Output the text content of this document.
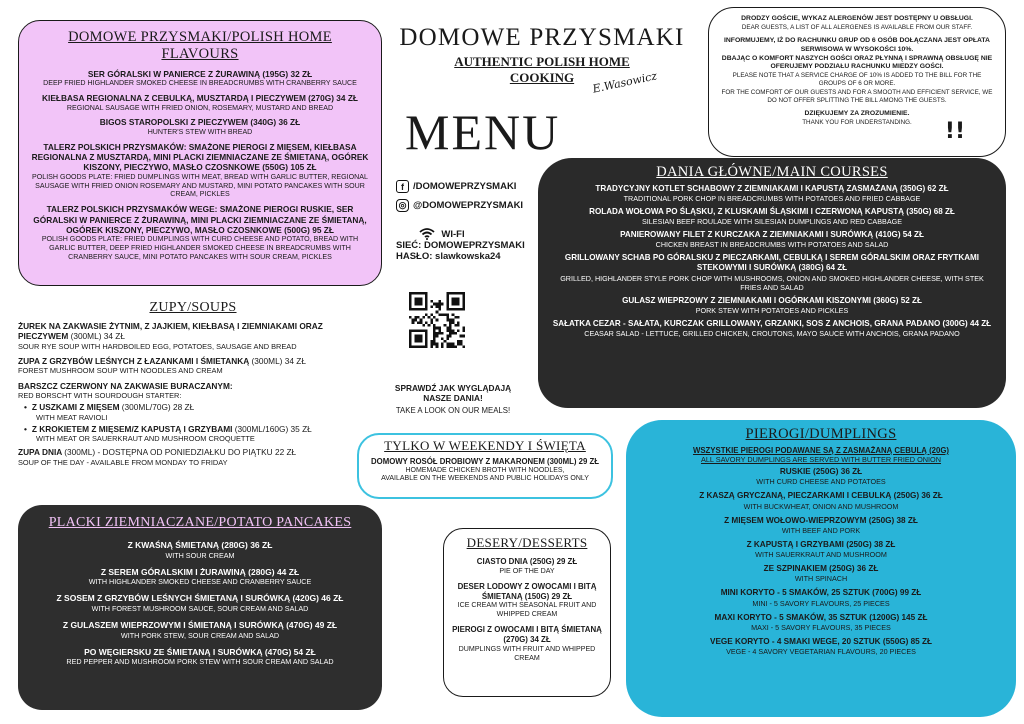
DOMOWE PRZYSMAKI/POLISH HOME FLAVOURS
SER GÓRALSKI W PANIERCE Z ŻURAWINĄ (195G) 32 ZŁ
DEEP FRIED HIGHLANDER SMOKED CHEESE IN BREADCRUMBS WITH CRANBERRY SAUCE
KIEŁBASA REGIONALNA Z CEBULKĄ, MUSZTARDĄ I PIECZYWEM (270G) 34 ZŁ
REGIONAL SAUSAGE WITH FRIED ONION, ROSEMARY, MUSTARD AND BREAD
BIGOS STAROPOLSKI Z PIECZYWEM (340G) 36 ZŁ
HUNTER'S STEW WITH BREAD
TALERZ POLSKICH PRZYSMAKÓW: SMAŻONE PIEROGI Z MIĘSEM, KIEŁBASA REGIONALNA Z MUSZTARDĄ, MINI PLACKI ZIEMNIACZANE ZE ŚMIETANĄ, OGÓREK KISZONY, PIECZYWO, MASŁO CZOSNKOWE (550G) 105 ZŁ
POLISH GOODS PLATE: FRIED DUMPLINGS WITH MEAT, BREAD WITH GARLIC BUTTER, REGIONAL SAUSAGE WITH FRIED ONION ROSEMARY AND MUSTARD, MINI POTATO PANCAKES WITH SOUR CREAM, PICKLES
TALERZ POLSKICH PRZYSMAKÓW WEGE: SMAŻONE PIEROGI RUSKIE, SER GÓRALSKI W PANIERCE Z ŻURAWINĄ, MINI PLACKI ZIEMNIACZANE ZE ŚMIETANĄ, OGÓREK KISZONY, PIECZYWO, MASŁO CZOSNKOWE (500G) 95 ZŁ
POLISH GOODS PLATE: FRIED DUMPLINGS WITH CURD CHEESE AND POTATO, BREAD WITH GARLIC BUTTER, DEEP FRIED HIGHLANDER SMOKED CHEESE IN BREADCRUMBS WITH CRANBERRY SAUCE, MINI POTATO PANCAKES WITH SOUR CREAM, PICKLES
DOMOWE PRZYSMAKI
AUTHENTIC POLISH HOME COOKING	E.Wasowicz
MENU

DRODZY GOŚCIE, WYKAZ ALERGENÓW JEST DOSTĘPNY U OBSŁUGI.

DEAR GUESTS, A LIST OF ALL ALERGENES IS AVAILABLE FROM OUR STAFF.

INFORMUJEMY, IŻ DO RACHUNKU GRUP OD 6 OSÓB DOŁĄCZANA JEST OPŁATA SERWISOWA W WYSOKOŚCI 10%.

DBAJĄC O KOMFORT NASZYCH GOŚCI ORAZ PŁYNNĄ I SPRAWNĄ OBSŁUGĘ NIE OFERUJEMY PODZIAŁU RACHUNKU MIEDZY GOŚCI.

PLEASE NOTE THAT A SERVICE CHARGE OF 10% IS ADDED TO THE BILL FOR THE GROUPS OF 6 OR MORE.

FOR THE COMFORT OF OUR GUESTS AND FOR A SMOOTH AND EFFICIENT SERVICE, WE DO NOT OFFER SPLITTING THE BILL AMONG THE GUESTS.

DZIĘKUJEMY ZA ZROZUMIENIE.

THANK YOU FOR UNDERSTANDING.	!!
f /DOMOWEPRZYSMAKI
◎ @DOMOWEPRZYSMAKI
WI-FI
SIEĆ: DOMOWEPRZYSMAKI
HASŁO: slawkowska24
SPRAWDŹ JAK WYGLĄDAJĄ NASZE DANIA!
TAKE A LOOK ON OUR MEALS!
DANIA GŁÓWNE/MAIN COURSES
TRADYCYJNY KOTLET SCHABOWY Z ZIEMNIAKAMI I KAPUSTĄ ZASMAŻANĄ (350G) 62 ZŁ
TRADITIONAL PORK CHOP IN BREADCRUMBS WITH POTATOES AND FRIED CABBAGE
ROLADA WOŁOWA PO ŚLĄSKU, Z KLUSKAMI ŚLĄSKIMI I CZERWONĄ KAPUSTĄ (350G) 68 ZŁ
SILESIAN BEEF ROULADE WITH SILESIAN DUMPLINGS AND RED CABBAGE
PANIEROWANY FILET Z KURCZAKA Z ZIEMNIAKAMI I SURÓWKĄ (410G) 54 ZŁ
CHICKEN BREAST IN BREADCRUMBS WITH POTATOES AND SALAD
GRILLOWANY SCHAB PO GÓRALSKU Z PIECZARKAMI, CEBULKĄ I SEREM GÓRALSKIM ORAZ FRYTKAMI STEKOWYMI I SURÓWKĄ (380G) 64 ZŁ
GRILLED, HIGHLANDER STYLE PORK CHOP WITH MUSHROOMS, ONION AND SMOKED HIGHLANDER CHEESE, WITH STEK FRIES AND SALAD
GULASZ WIEPRZOWY Z ZIEMNIAKAMI I OGÓRKAMI KISZONYMI (360G) 52 ZŁ
PORK STEW WITH POTATOES AND PICKLES
SAŁATKA CEZAR - SAŁATA, KURCZAK GRILLOWANY, GRZANKI, SOS Z ANCHOIS, GRANA PADANO (300G) 44 ZŁ
CEASAR SALAD - LETTUCE, GRILLED CHICKEN, CROUTONS, MAYO SAUCE WITH ANCHOIS, GRANA PADANO
ZUPY/SOUPS
ŻUREK NA ZAKWASIE ŻYTNIM, Z JAJKIEM, KIEŁBASĄ I ZIEMNIAKAMI ORAZ PIECZYWEM (300ML) 34 ZŁ
SOUR RYE SOUP WITH HARDBOILED EGG, POTATOES, SAUSAGE AND BREAD
ZUPA Z GRZYBÓW LEŚNYCH Z ŁAZANKAMI I ŚMIETANKĄ (300ML) 34 ZŁ
FOREST MUSHROOM SOUP WITH NOODLES AND CREAM
BARSZCZ CZERWONY NA ZAKWASIE BURACZANYM:
RED BORSCHT WITH SOURDOUGH STARTER:
• Z USZKAMI Z MIĘSEM (300ML/70G) 28 ZŁ
WITH MEAT RAVIOLI
• Z KROKIETEM Z MIĘSEM/Z KAPUSTĄ I GRZYBAMI (300ML/160G) 35 ZŁ
WITH MEAT OR SAUERKRAUT AND MUSHROOM CROQUETTE
ZUPA DNIA (300ML) - DOSTĘPNA OD PONIEDZIAŁKU DO PIĄTKU 22 ZŁ
SOUP OF THE DAY - AVAILABLE FROM MONDAY TO FRIDAY
TYLKO W WEEKENDY I ŚWIĘTA
DOMOWY ROSÓŁ DROBIOWY Z MAKARONEM (300ML) 29 ZŁ
HOMEMADE CHICKEN BROTH WITH NOODLES,
AVAILABLE ON THE WEEKENDS AND PUBLIC HOLIDAYS ONLY
PLACKI ZIEMNIACZANE/POTATO PANCAKES
Z KWAŚNĄ ŚMIETANĄ (280G) 36 ZŁ
WITH SOUR CREAM
Z SEREM GÓRALSKIM I ŻURAWINĄ (280G) 44 ZŁ
WITH HIGHLANDER SMOKED CHEESE AND CRANBERRY SAUCE
Z SOSEM Z GRZYBÓW LEŚNYCH ŚMIETANĄ I SURÓWKĄ (420G) 46 ZŁ
WITH FOREST MUSHROOM SAUCE, SOUR CREAM AND SALAD
Z GULASZEM WIEPRZOWYM I ŚMIETANĄ I SURÓWKĄ (470G) 49 ZŁ
WITH PORK STEW, SOUR CREAM AND SALAD
PO WĘGIERSKU ZE ŚMIETANĄ I SURÓWKĄ (470G) 54 ZŁ
RED PEPPER AND MUSHROOM PORK STEW WITH SOUR CREAM AND SALAD
DESERY/DESSERTS
CIASTO DNIA (250G) 29 ZŁ
PIE OF THE DAY
DESER LODOWY Z OWOCAMI I BITĄ ŚMIETANĄ (150G) 29 ZŁ
ICE CREAM WITH SEASONAL FRUIT AND WHIPPED CREAM
PIEROGI Z OWOCAMI I BITĄ ŚMIETANĄ (270G) 34 ZŁ
DUMPLINGS WITH FRUIT AND WHIPPED CREAM
PIEROGI/DUMPLINGS
WSZYSTKIE PIEROGI PODAWANE SĄ Z ZASMAŻANĄ CEBULĄ (20G)
ALL SAVORY DUMPLINGS ARE SERVED WITH BUTTER FRIED ONION
RUSKIE (250G) 36 ZŁ
WITH CURD CHEESE AND POTATOES
Z KASZĄ GRYCZANĄ, PIECZARKAMI I CEBULKĄ (250G) 36 ZŁ
WITH BUCKWHEAT, ONION AND MUSHROOM
Z MIĘSEM WOŁOWO-WIEPRZOWYM (250G) 38 ZŁ
WITH BEEF AND PORK
Z KAPUSTĄ I GRZYBAMI (250G) 38 ZŁ
WITH SAUERKRAUT AND MUSHROOM
ZE SZPINAKIEM (250G) 36 ZŁ
WITH SPINACH
MINI KORYTO - 5 SMAKÓW, 25 SZTUK (700G) 99 ZŁ
MINI - 5 SAVORY FLAVOURS, 25 PIECES
MAXI KORYTO - 5 SMAKÓW, 35 SZTUK (1200G) 145 ZŁ
MAXI - 5 SAVORY FLAVOURS, 35 PIECES
VEGE KORYTO - 4 SMAKI WEGE, 20 SZTUK (550G) 85 ZŁ
VEGE - 4 SAVORY VEGETARIAN FLAVOURS, 20 PIECES
